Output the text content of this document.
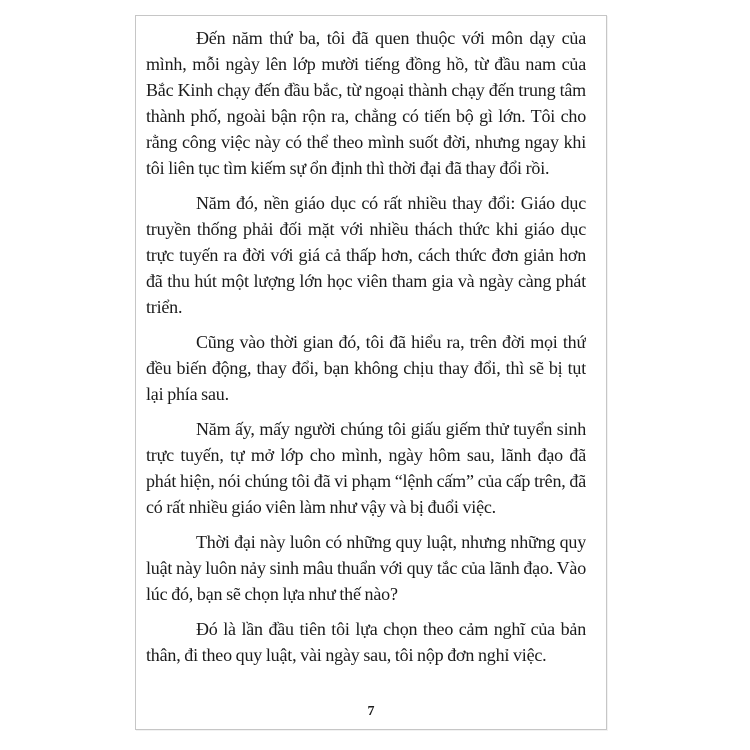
Đến năm thứ ba, tôi đã quen thuộc với môn dạy của mình, mỗi ngày lên lớp mười tiếng đồng hồ, từ đầu nam của Bắc Kinh chạy đến đầu bắc, từ ngoại thành chạy đến trung tâm thành phố, ngoài bận rộn ra, chẳng có tiến bộ gì lớn. Tôi cho rằng công việc này có thể theo mình suốt đời, nhưng ngay khi tôi liên tục tìm kiếm sự ổn định thì thời đại đã thay đổi rồi.

Năm đó, nền giáo dục có rất nhiều thay đổi: Giáo dục truyền thống phải đối mặt với nhiều thách thức khi giáo dục trực tuyến ra đời với giá cả thấp hơn, cách thức đơn giản hơn đã thu hút một lượng lớn học viên tham gia và ngày càng phát triển.

Cũng vào thời gian đó, tôi đã hiểu ra, trên đời mọi thứ đều biến động, thay đổi, bạn không chịu thay đổi, thì sẽ bị tụt lại phía sau.

Năm ấy, mấy người chúng tôi giấu giếm thử tuyển sinh trực tuyến, tự mở lớp cho mình, ngày hôm sau, lãnh đạo đã phát hiện, nói chúng tôi đã vi phạm “lệnh cấm” của cấp trên, đã có rất nhiều giáo viên làm như vậy và bị đuổi việc.

Thời đại này luôn có những quy luật, nhưng những quy luật này luôn nảy sinh mâu thuẩn với quy tắc của lãnh đạo. Vào lúc đó, bạn sẽ chọn lựa như thế nào?

Đó là lần đầu tiên tôi lựa chọn theo cảm nghĩ của bản thân, đi theo quy luật, vài ngày sau, tôi nộp đơn nghỉ việc.

7
